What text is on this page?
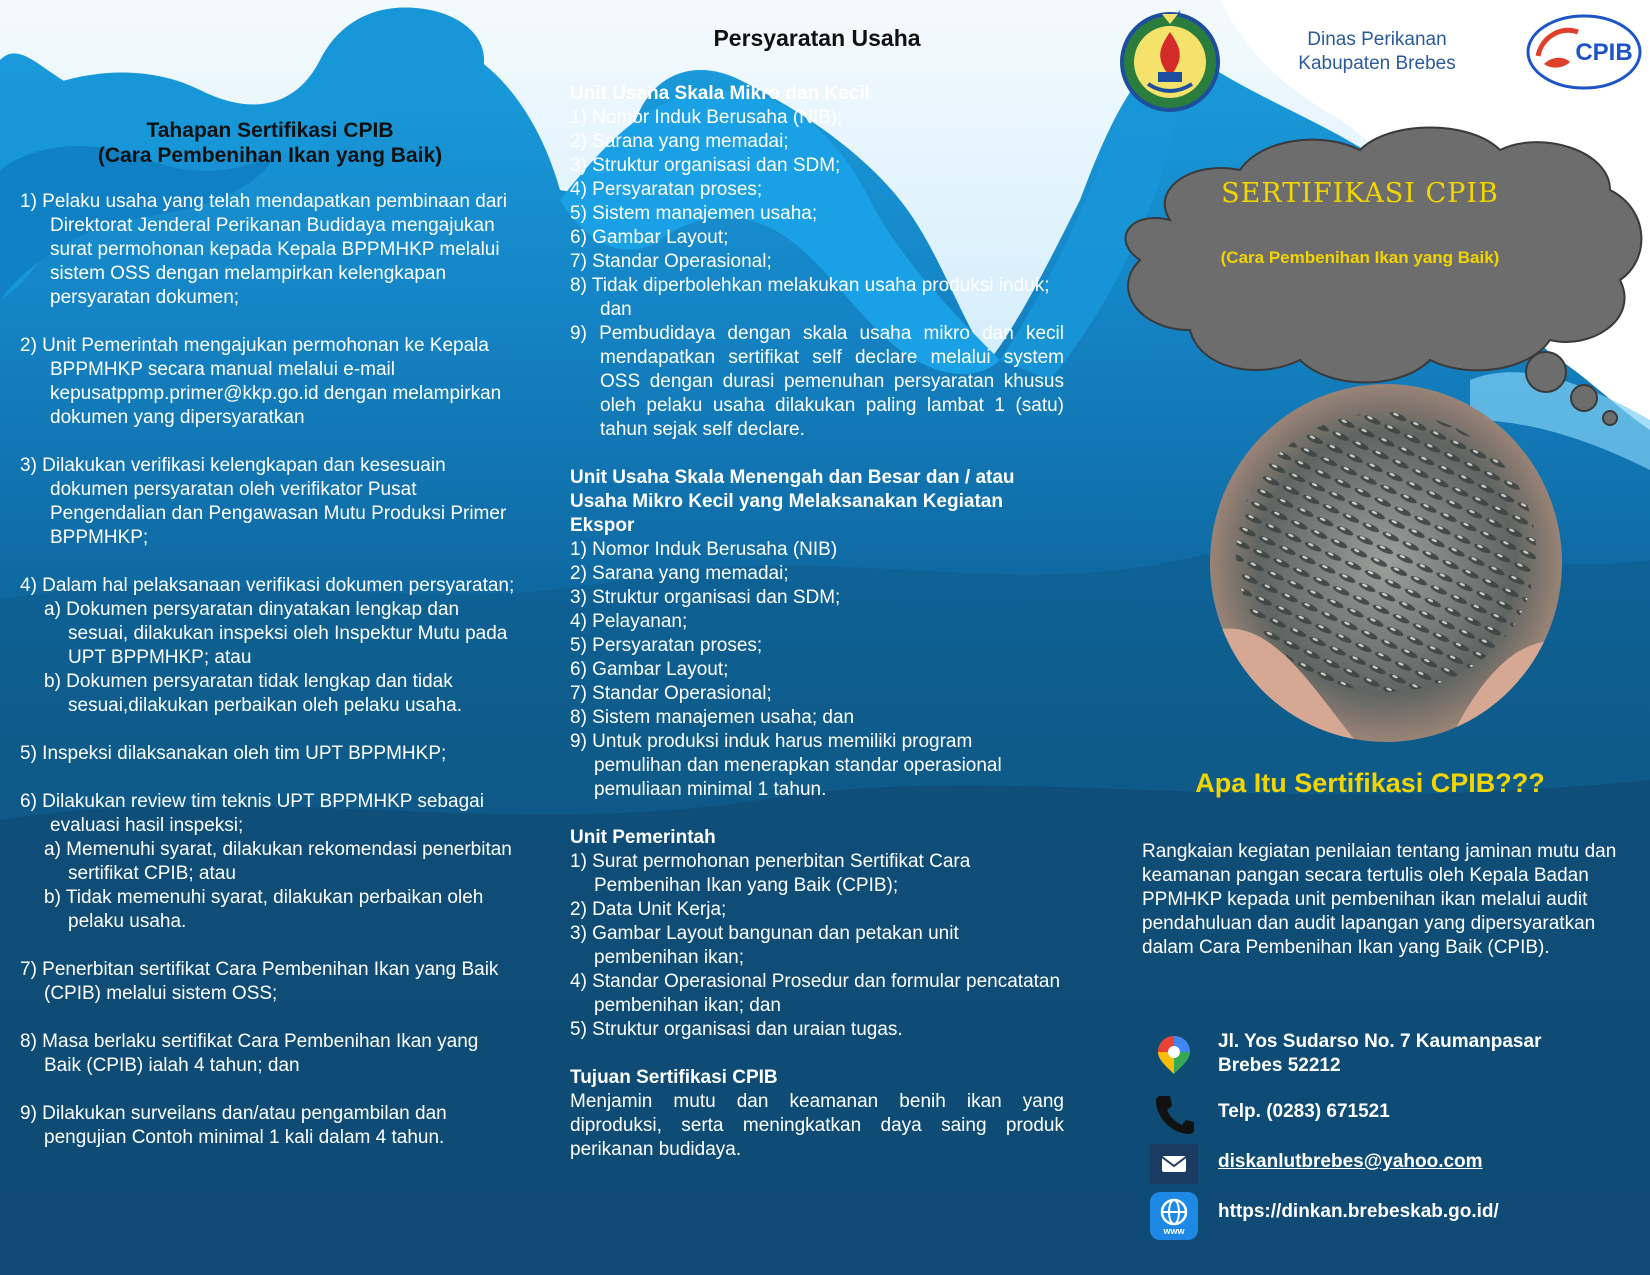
Tahapan Sertifikasi CPIB
(Cara Pembenihan Ikan yang Baik)
1) Pelaku usaha yang telah mendapatkan pembinaan dari Direktorat Jenderal Perikanan Budidaya mengajukan surat permohonan kepada Kepala BPPMHKP melalui sistem OSS dengan melampirkan kelengkapan persyaratan dokumen;
2) Unit Pemerintah mengajukan permohonan ke Kepala BPPMHKP secara manual melalui e-mail kepusatppmp.primer@kkp.go.id dengan melampirkan dokumen yang dipersyaratkan
3) Dilakukan verifikasi kelengkapan dan kesesuain dokumen persyaratan oleh verifikator Pusat Pengendalian dan Pengawasan Mutu Produksi Primer BPPMHKP;
4) Dalam hal pelaksanaan verifikasi dokumen persyaratan;
a) Dokumen persyaratan dinyatakan lengkap dan sesuai, dilakukan inspeksi oleh Inspektur Mutu pada UPT BPPMHKP; atau
b) Dokumen persyaratan tidak lengkap dan tidak sesuai,dilakukan perbaikan oleh pelaku usaha.
5) Inspeksi dilaksanakan oleh tim UPT BPPMHKP;
6) Dilakukan review tim teknis UPT BPPMHKP sebagai evaluasi hasil inspeksi;
a) Memenuhi syarat, dilakukan rekomendasi penerbitan sertifikat CPIB; atau
b) Tidak memenuhi syarat, dilakukan perbaikan oleh pelaku usaha.
7) Penerbitan sertifikat Cara Pembenihan Ikan yang Baik (CPIB) melalui sistem OSS;
8) Masa berlaku sertifikat Cara Pembenihan Ikan yang Baik (CPIB) ialah 4 tahun; dan
9) Dilakukan surveilans dan/atau pengambilan dan pengujian Contoh minimal 1 kali dalam 4 tahun.
Persyaratan Usaha
Unit Usaha Skala Mikro dan Kecil
1) Nomor Induk Berusaha (NIB);
2) Sarana yang memadai;
3) Struktur organisasi dan SDM;
4) Persyaratan proses;
5) Sistem manajemen usaha;
6) Gambar Layout;
7) Standar Operasional;
8) Tidak diperbolehkan melakukan usaha produksi induk; dan
9) Pembudidaya dengan skala usaha mikro dan kecil mendapatkan sertifikat self declare melalui system OSS dengan durasi pemenuhan persyaratan khusus oleh pelaku usaha dilakukan paling lambat 1 (satu) tahun sejak self declare.
Unit Usaha Skala Menengah dan Besar dan / atau Usaha Mikro Kecil yang Melaksanakan Kegiatan Ekspor
1) Nomor Induk Berusaha (NIB)
2) Sarana yang memadai;
3) Struktur organisasi dan SDM;
4) Pelayanan;
5) Persyaratan proses;
6) Gambar Layout;
7) Standar Operasional;
8) Sistem manajemen usaha; dan
9) Untuk produksi induk harus memiliki program pemulihan dan menerapkan standar operasional pemuliaan minimal 1 tahun.
Unit Pemerintah
1) Surat permohonan penerbitan Sertifikat Cara Pembenihan Ikan yang Baik (CPIB);
2) Data Unit Kerja;
3) Gambar Layout bangunan dan petakan unit pembenihan ikan;
4) Standar Operasional Prosedur dan formular pencatatan pembenihan ikan; dan
5) Struktur organisasi dan uraian tugas.
Tujuan Sertifikasi CPIB
Menjamin mutu dan keamanan benih ikan yang diproduksi, serta meningkatkan daya saing produk perikanan budidaya.
Dinas Perikanan
Kabupaten Brebes	CPIB
SERTIFIKASI CPIB
(Cara Pembenihan Ikan yang Baik)
Apa Itu Sertifikasi CPIB???
Rangkaian kegiatan penilaian tentang jaminan mutu dan keamanan pangan secara tertulis oleh Kepala Badan PPMHKP kepada unit pembenihan ikan melalui audit pendahuluan dan audit lapangan yang dipersyaratkan dalam Cara Pembenihan Ikan yang Baik (CPIB).
Jl. Yos Sudarso No. 7 Kaumanpasar
Brebes 52212
Telp. (0283) 671521
diskanlutbrebes@yahoo.com
www
https://dinkan.brebeskab.go.id/
